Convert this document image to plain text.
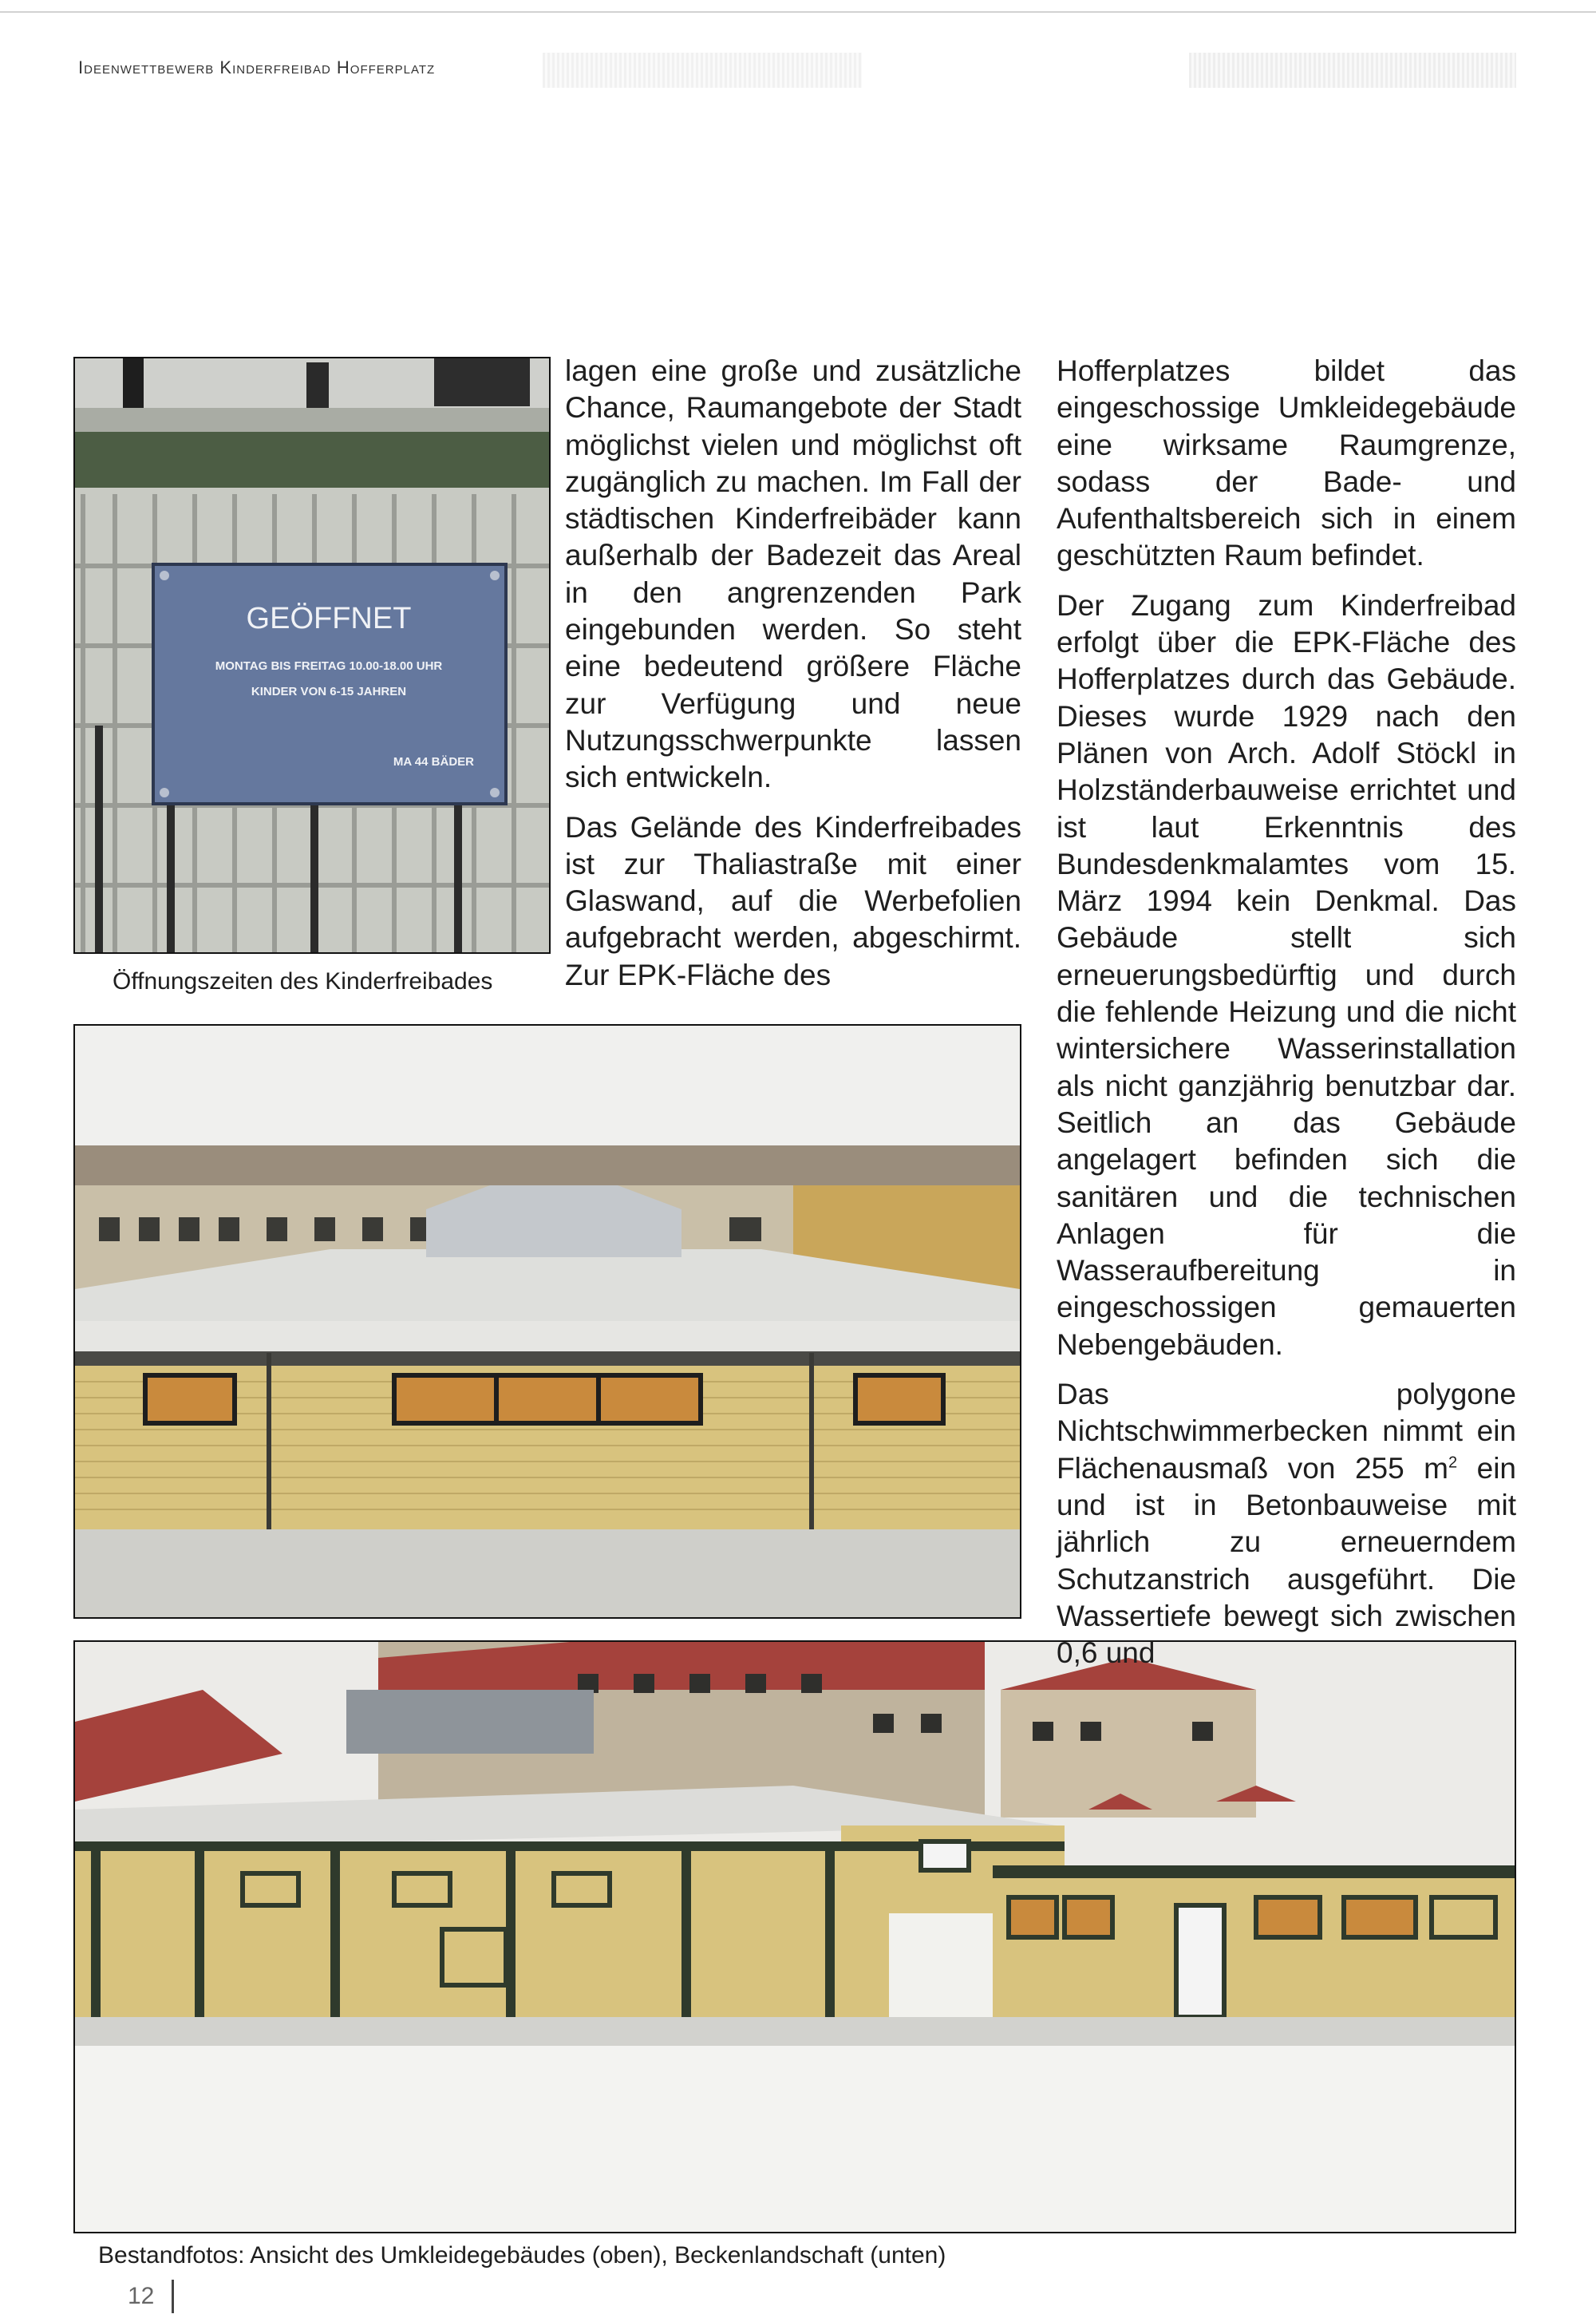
Ideenwettbewerb Kinderfreibad Hofferplatz
GEÖFFNET
MONTAG BIS FREITAG 10.00-18.00 UHR
KINDER VON 6-15 JAHREN
MA 44 BÄDER
Öffnungszeiten des Kinderfreibades
Bestandfotos: Ansicht des Umkleidegebäudes (oben), Beckenlandschaft (unten)

lagen eine große und zusätzliche Chance, Raumangebote der Stadt möglichst vielen und möglichst oft zugänglich zu machen. Im Fall der städtischen Kinderfreibäder kann außerhalb der Badezeit das Areal in den angrenzenden Park eingebunden werden. So steht eine bedeutend größere Fläche zur Verfügung und neue Nutzungsschwerpunkte lassen sich entwickeln.

Das Gelände des Kinderfreibades ist zur Thaliastraße mit einer Glaswand, auf die Werbefolien aufgebracht werden, abgeschirmt. Zur EPK-Fläche des

Hofferplatzes bildet das eingeschossige Umkleidegebäude eine wirksame Raumgrenze, sodass der Bade- und Aufenthaltsbereich sich in einem geschützten Raum befindet.

Der Zugang zum Kinderfreibad erfolgt über die EPK-Fläche des Hofferplatzes durch das Gebäude. Dieses wurde 1929 nach den Plänen von Arch. Adolf Stöckl in Holzständerbauweise errichtet und ist laut Erkenntnis des Bundesdenkmalamtes vom 15. März 1994 kein Denkmal. Das Gebäude stellt sich erneuerungsbedürftig und durch die fehlende Heizung und die nicht wintersichere Wasserinstallation als nicht ganzjährig benutzbar dar. Seitlich an das Gebäude angelagert befinden sich die sanitären und die technischen Anlagen für die Wasseraufbereitung in eingeschossigen gemauerten Nebengebäuden.

Das polygone Nichtschwimmerbecken nimmt ein Flächenausmaß von 255 $m^2$ ein und ist in Betonbauweise mit jährlich zu erneuerndem Schutzanstrich ausgeführt. Die Wassertiefe bewegt sich zwischen 0,6 und

12
